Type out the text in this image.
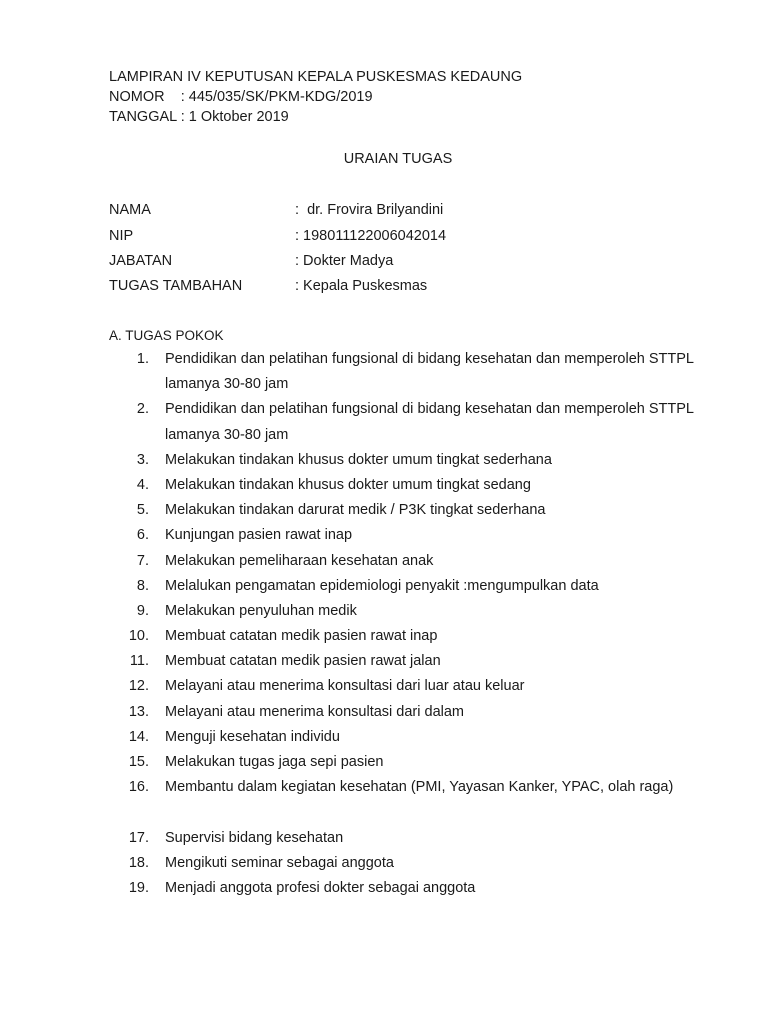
LAMPIRAN IV KEPUTUSAN KEPALA PUSKESMAS KEDAUNG
NOMOR    : 445/035/SK/PKM-KDG/2019
TANGGAL : 1 Oktober 2019
URAIAN TUGAS
NAMA	:  dr. Frovira Brilyandini
NIP	: 198011122006042014
JABATAN	: Dokter Madya
TUGAS TAMBAHAN	: Kepala Puskesmas
A. TUGAS POKOK
1. Pendidikan dan pelatihan fungsional di bidang kesehatan dan memperoleh STTPL lamanya 30-80 jam
2. Pendidikan dan pelatihan fungsional di bidang kesehatan dan memperoleh STTPL lamanya 30-80 jam
3. Melakukan tindakan khusus dokter umum tingkat sederhana
4. Melakukan tindakan khusus dokter umum tingkat sedang
5. Melakukan tindakan darurat medik / P3K tingkat sederhana
6. Kunjungan pasien rawat inap
7. Melakukan pemeliharaan kesehatan anak
8. Melalukan pengamatan epidemiologi penyakit :mengumpulkan data
9. Melakukan penyuluhan medik
10. Membuat catatan medik pasien rawat inap
11. Membuat catatan medik pasien rawat jalan
12. Melayani atau menerima konsultasi dari luar atau keluar
13. Melayani atau menerima konsultasi dari dalam
14. Menguji kesehatan individu
15. Melakukan tugas jaga sepi pasien
16. Membantu dalam kegiatan kesehatan (PMI, Yayasan Kanker, YPAC, olah raga)
17. Supervisi bidang kesehatan
18. Mengikuti seminar sebagai anggota
19. Menjadi anggota profesi dokter sebagai anggota
